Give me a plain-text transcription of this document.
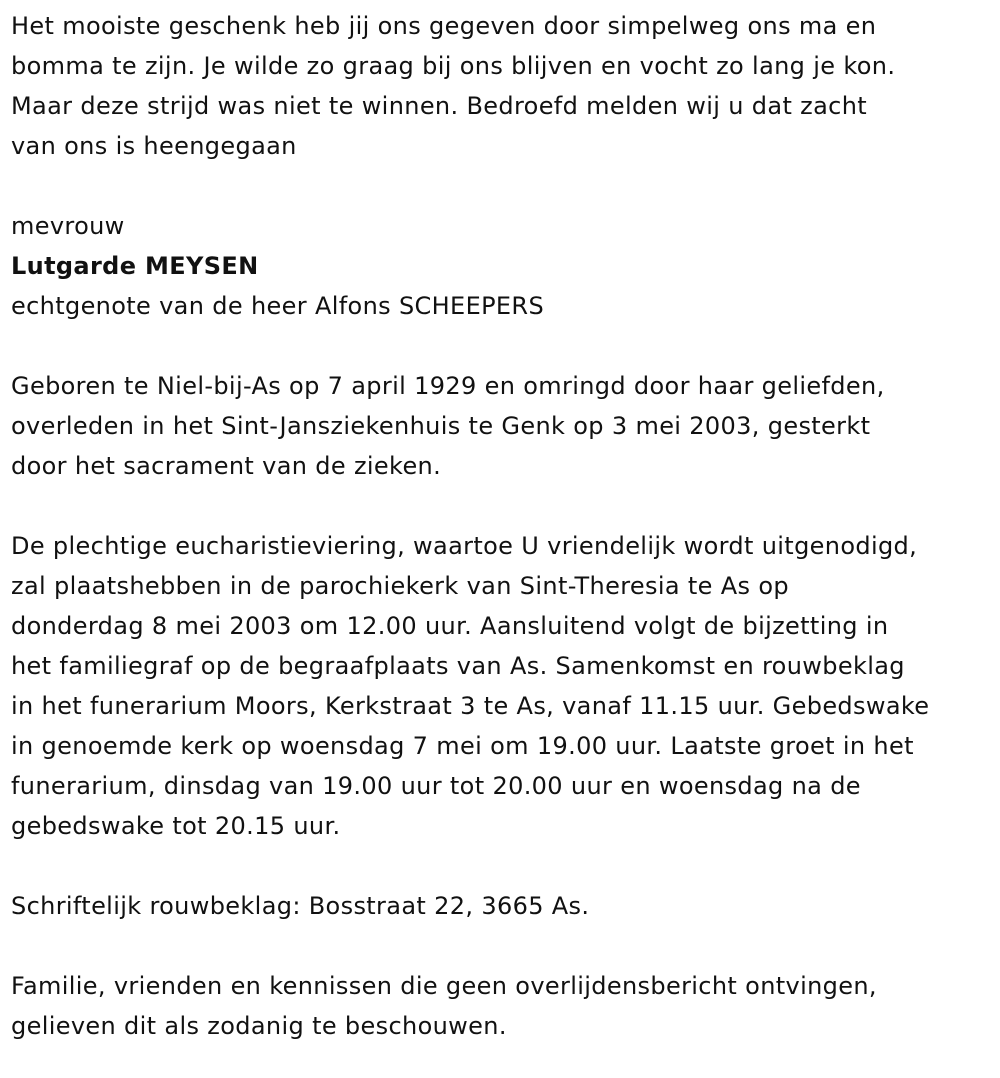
Het mooiste geschenk heb jij ons gegeven door simpelweg ons ma en
bomma te zijn. Je wilde zo graag bij ons blijven en vocht zo lang je kon.
Maar deze strijd was niet te winnen. Bedroefd melden wij u dat zacht
van ons is heengegaan
mevrouw
Lutgarde MEYSEN
echtgenote van de heer Alfons SCHEEPERS
Geboren te Niel-bij-As op 7 april 1929 en omringd door haar geliefden,
overleden in het Sint-Jansziekenhuis te Genk op 3 mei 2003, gesterkt
door het sacrament van de zieken.
De plechtige eucharistieviering, waartoe U vriendelijk wordt uitgenodigd,
zal plaatshebben in de parochiekerk van Sint-Theresia te As op
donderdag 8 mei 2003 om 12.00 uur. Aansluitend volgt de bijzetting in
het familiegraf op de begraafplaats van As. Samenkomst en rouwbeklag
in het funerarium Moors, Kerkstraat 3 te As, vanaf 11.15 uur. Gebedswake
in genoemde kerk op woensdag 7 mei om 19.00 uur. Laatste groet in het
funerarium, dinsdag van 19.00 uur tot 20.00 uur en woensdag na de
gebedswake tot 20.15 uur.
Schriftelijk rouwbeklag: Bosstraat 22, 3665 As.
Familie, vrienden en kennissen die geen overlijdensbericht ontvingen,
gelieven dit als zodanig te beschouwen.
